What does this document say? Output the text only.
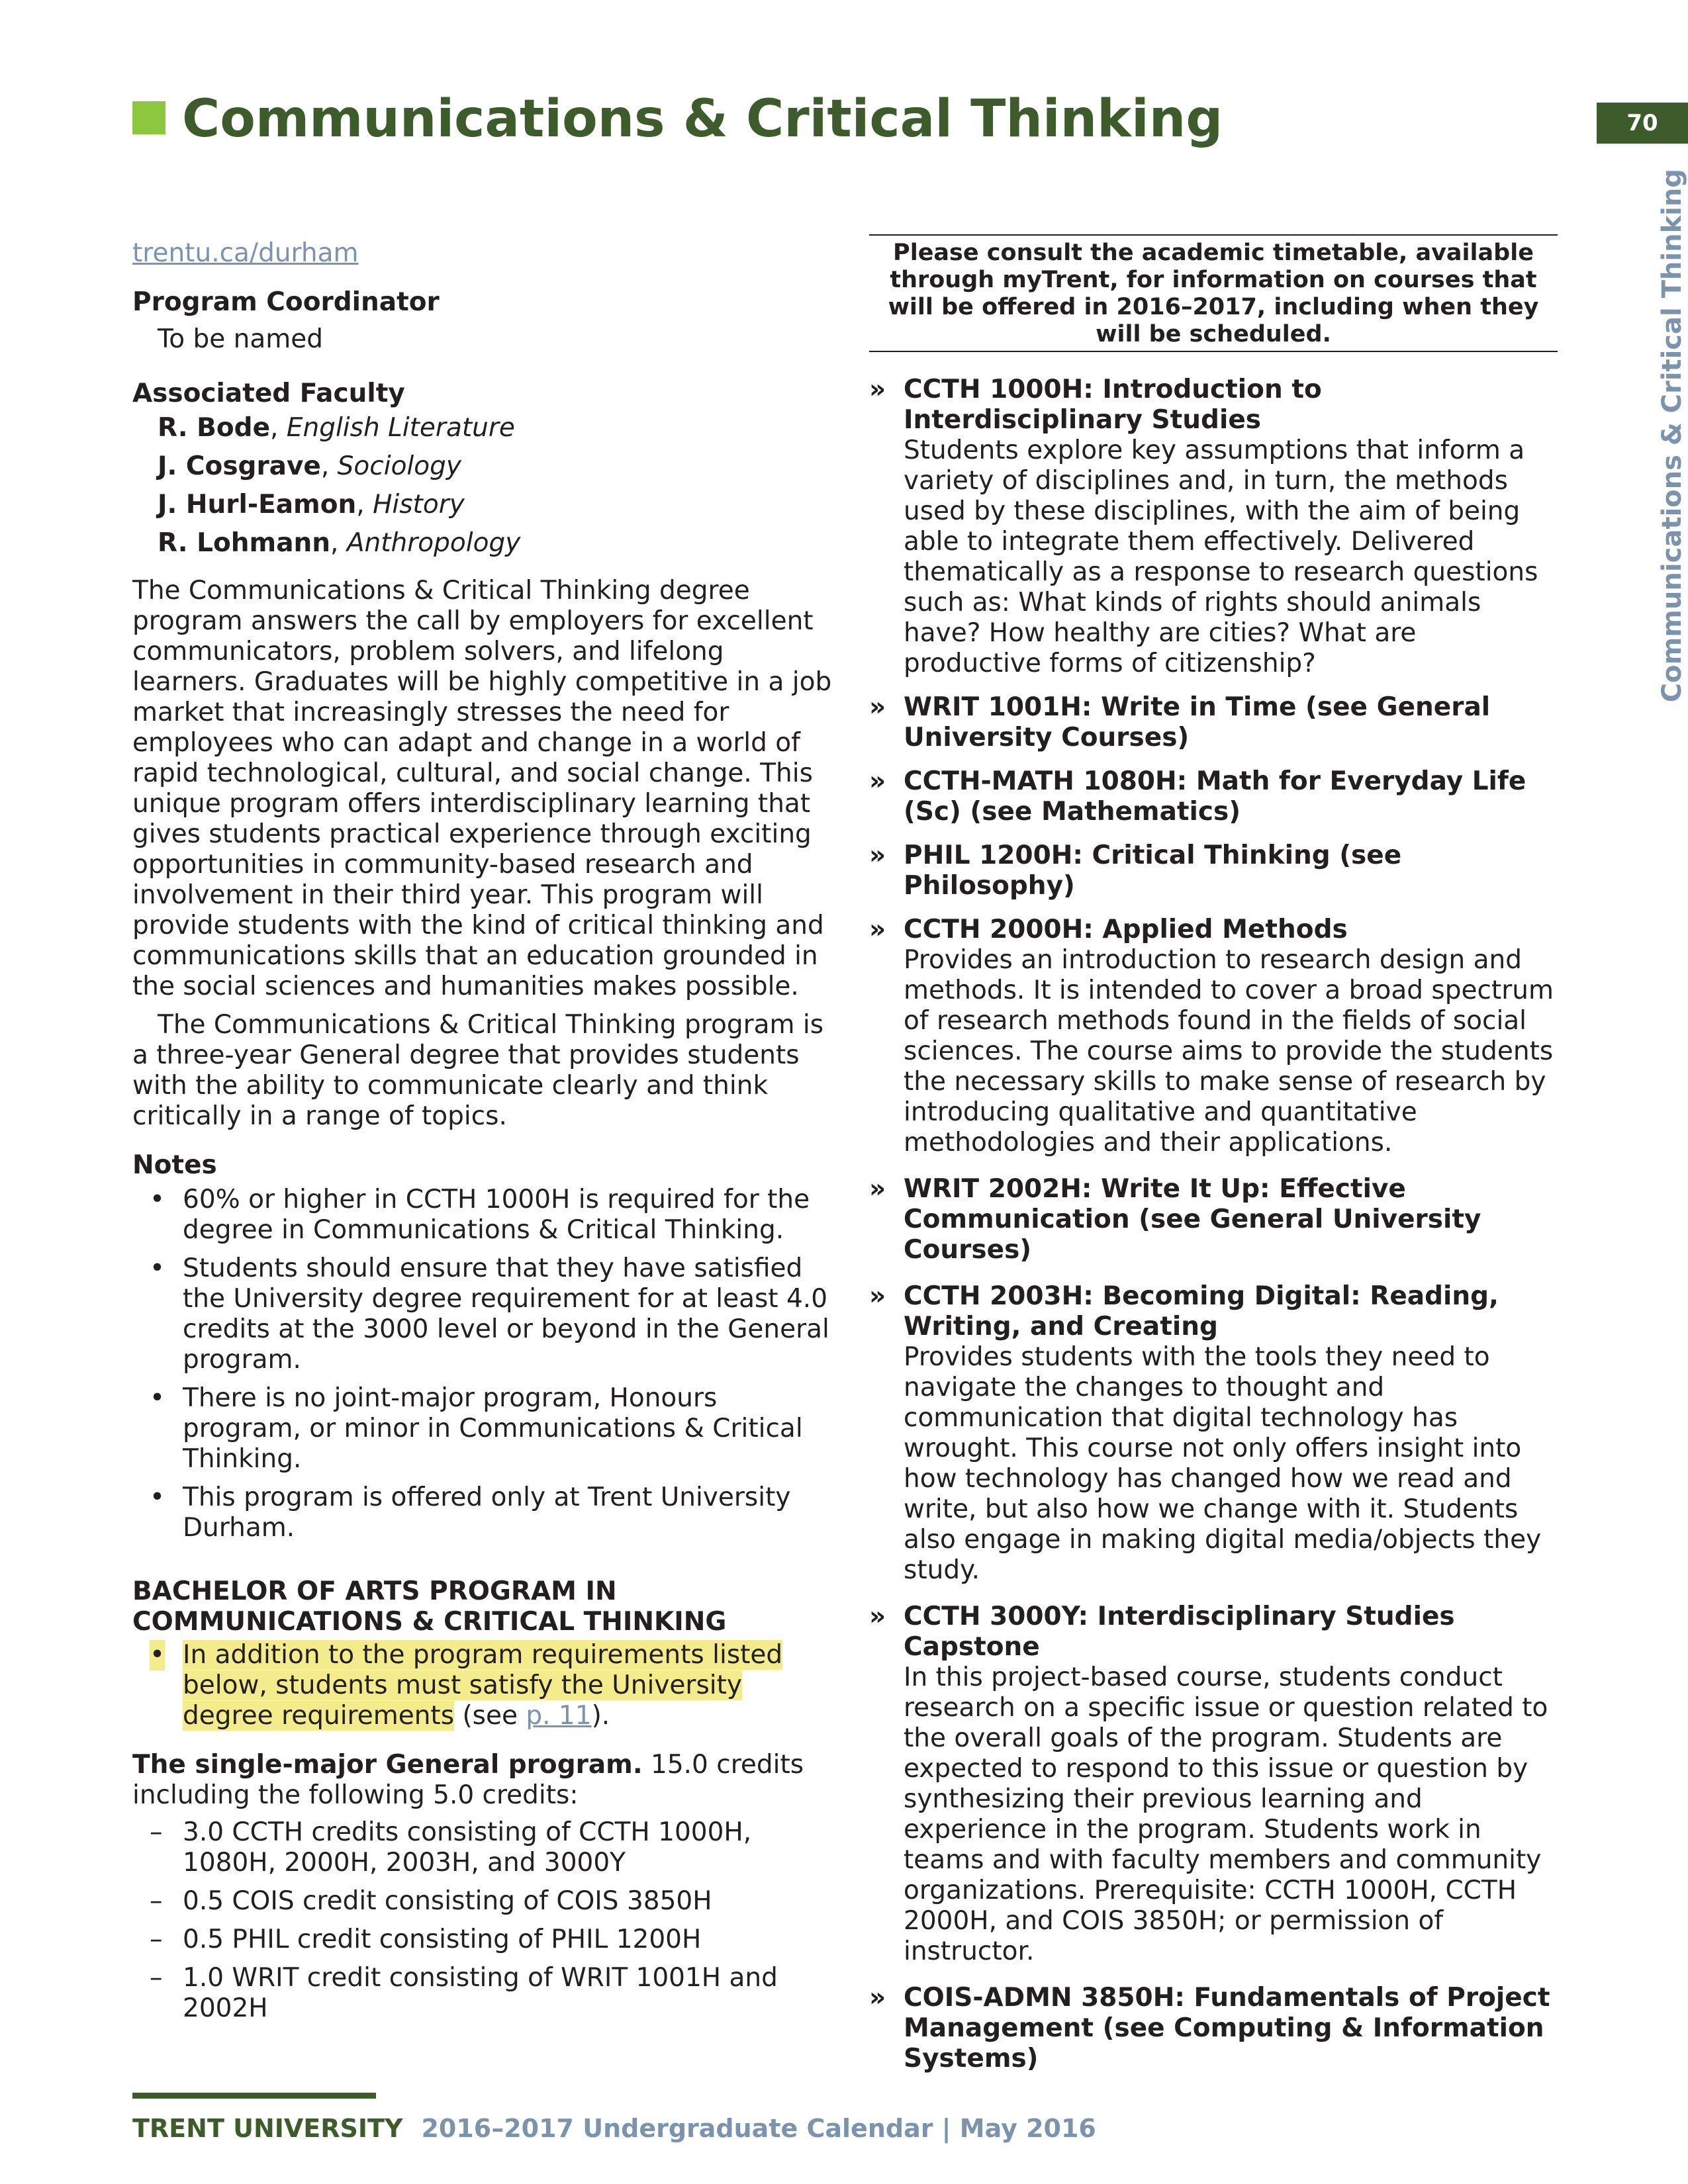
Communications & Critical Thinking	70
Communications & Critical Thinking
trentu.ca/durham

Program Coordinator

To be named

Associated Faculty

R. Bode, English Literature
J. Cosgrave, Sociology
J. Hurl-Eamon, History
R. Lohmann, Anthropology

The Communications & Critical Thinking degree program answers the call by employers for excellent communicators, problem solvers, and lifelong learners. Graduates will be highly competitive in a job market that increasingly stresses the need for employees who can adapt and change in a world of rapid technological, cultural, and social change. This unique program offers interdisciplinary learning that gives students practical experience through exciting opportunities in community-based research and involvement in their third year. This program will provide students with the kind of critical thinking and communications skills that an education grounded in the social sciences and humanities makes possible.

The Communications & Critical Thinking program is a three-year General degree that provides students with the ability to communicate clearly and think critically in a range of topics.

Notes

• 60% or higher in CCTH 1000H is required for the degree in Communications & Critical Thinking.
• Students should ensure that they have satisfied the University degree requirement for at least 4.0 credits at the 3000 level or beyond in the General program.
• There is no joint-major program, Honours program, or minor in Communications & Critical Thinking.
• This program is offered only at Trent University Durham.

BACHELOR OF ARTS PROGRAM IN
COMMUNICATIONS & CRITICAL THINKING

• In addition to the program requirements listed below, students must satisfy the University degree requirements (see p. 11).

The single-major General program. 15.0 credits including the following 5.0 credits:

– 3.0 CCTH credits consisting of CCTH 1000H, 1080H, 2000H, 2003H, and 3000Y
– 0.5 COIS credit consisting of COIS 3850H
– 0.5 PHIL credit consisting of PHIL 1200H
– 1.0 WRIT credit consisting of WRIT 1001H and 2002H
Please consult the academic timetable, available through myTrent, for information on courses that will be offered in 2016–2017, including when they will be scheduled.
» CCTH 1000H: Introduction to Interdisciplinary Studies
Students explore key assumptions that inform a variety of disciplines and, in turn, the methods used by these disciplines, with the aim of being able to integrate them effectively. Delivered thematically as a response to research questions such as: What kinds of rights should animals have? How healthy are cities? What are productive forms of citizenship?
» WRIT 1001H: Write in Time (see General University Courses)
» CCTH-MATH 1080H: Math for Everyday Life (Sc) (see Mathematics)
» PHIL 1200H: Critical Thinking (see Philosophy)
» CCTH 2000H: Applied Methods
Provides an introduction to research design and methods. It is intended to cover a broad spectrum of research methods found in the fields of social sciences. The course aims to provide the students the necessary skills to make sense of research by introducing qualitative and quantitative methodologies and their applications.
» WRIT 2002H: Write It Up: Effective Communication (see General University Courses)
» CCTH 2003H: Becoming Digital: Reading, Writing, and Creating
Provides students with the tools they need to navigate the changes to thought and communication that digital technology has wrought. This course not only offers insight into how technology has changed how we read and write, but also how we change with it. Students also engage in making digital media/objects they study.
» CCTH 3000Y: Interdisciplinary Studies Capstone
In this project-based course, students conduct research on a specific issue or question related to the overall goals of the program. Students are expected to respond to this issue or question by synthesizing their previous learning and experience in the program. Students work in teams and with faculty members and community organizations. Prerequisite: CCTH 1000H, CCTH 2000H, and COIS 3850H; or permission of instructor.
» COIS-ADMN 3850H: Fundamentals of Project Management (see Computing & Information Systems)
TRENT UNIVERSITY 2016–2017 Undergraduate Calendar | May 2016
